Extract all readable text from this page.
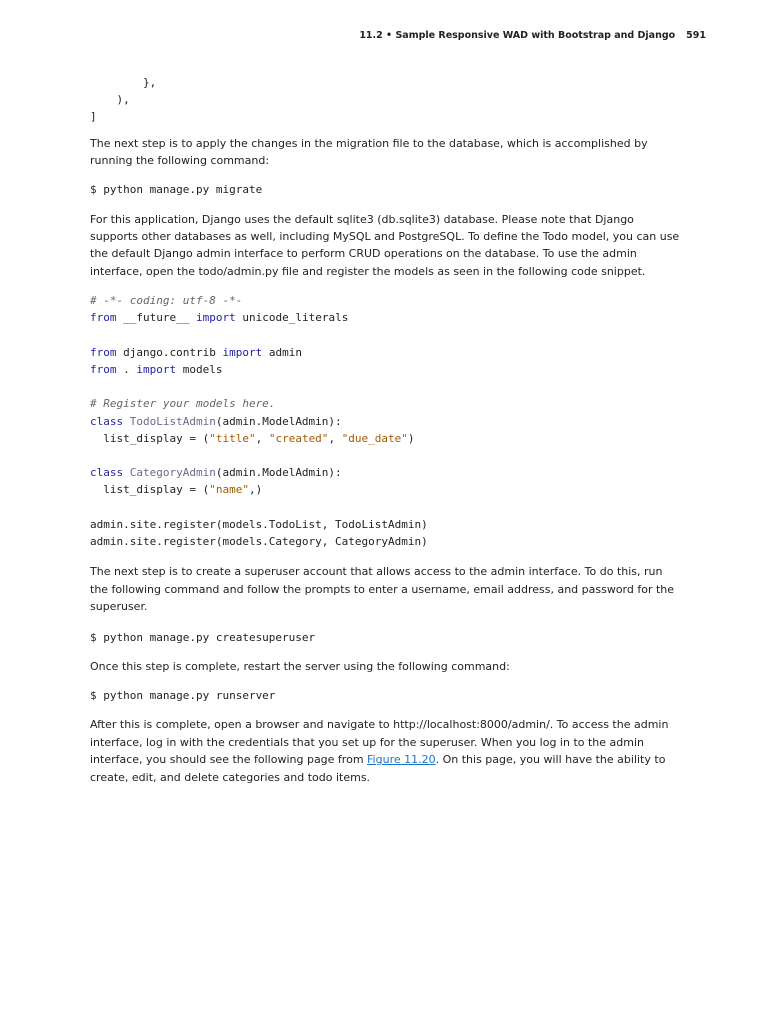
11.2 • Sample Responsive WAD with Bootstrap and Django 591
},
),
]

The next step is to apply the changes in the migration file to the database, which is accomplished by running the following command:

$ python manage.py migrate

For this application, Django uses the default sqlite3 (db.sqlite3) database. Please note that Django supports other databases as well, including MySQL and PostgreSQL. To define the Todo model, you can use the default Django admin interface to perform CRUD operations on the database. To use the admin interface, open the todo/admin.py file and register the models as seen in the following code snippet.

# -*- coding: utf-8 -*-
from __future__ import unicode_literals

from django.contrib import admin
from . import models

# Register your models here.
class TodoListAdmin(admin.ModelAdmin):
list_display = ("title", "created", "due_date")

class CategoryAdmin(admin.ModelAdmin):
list_display = ("name",)

admin.site.register(models.TodoList, TodoListAdmin)
admin.site.register(models.Category, CategoryAdmin)

The next step is to create a superuser account that allows access to the admin interface. To do this, run the following command and follow the prompts to enter a username, email address, and password for the superuser.

$ python manage.py createsuperuser

Once this step is complete, restart the server using the following command:

$ python manage.py runserver

After this is complete, open a browser and navigate to http://localhost:8000/admin/. To access the admin interface, log in with the credentials that you set up for the superuser. When you log in to the admin interface, you should see the following page from Figure 11.20. On this page, you will have the ability to create, edit, and delete categories and todo items.
